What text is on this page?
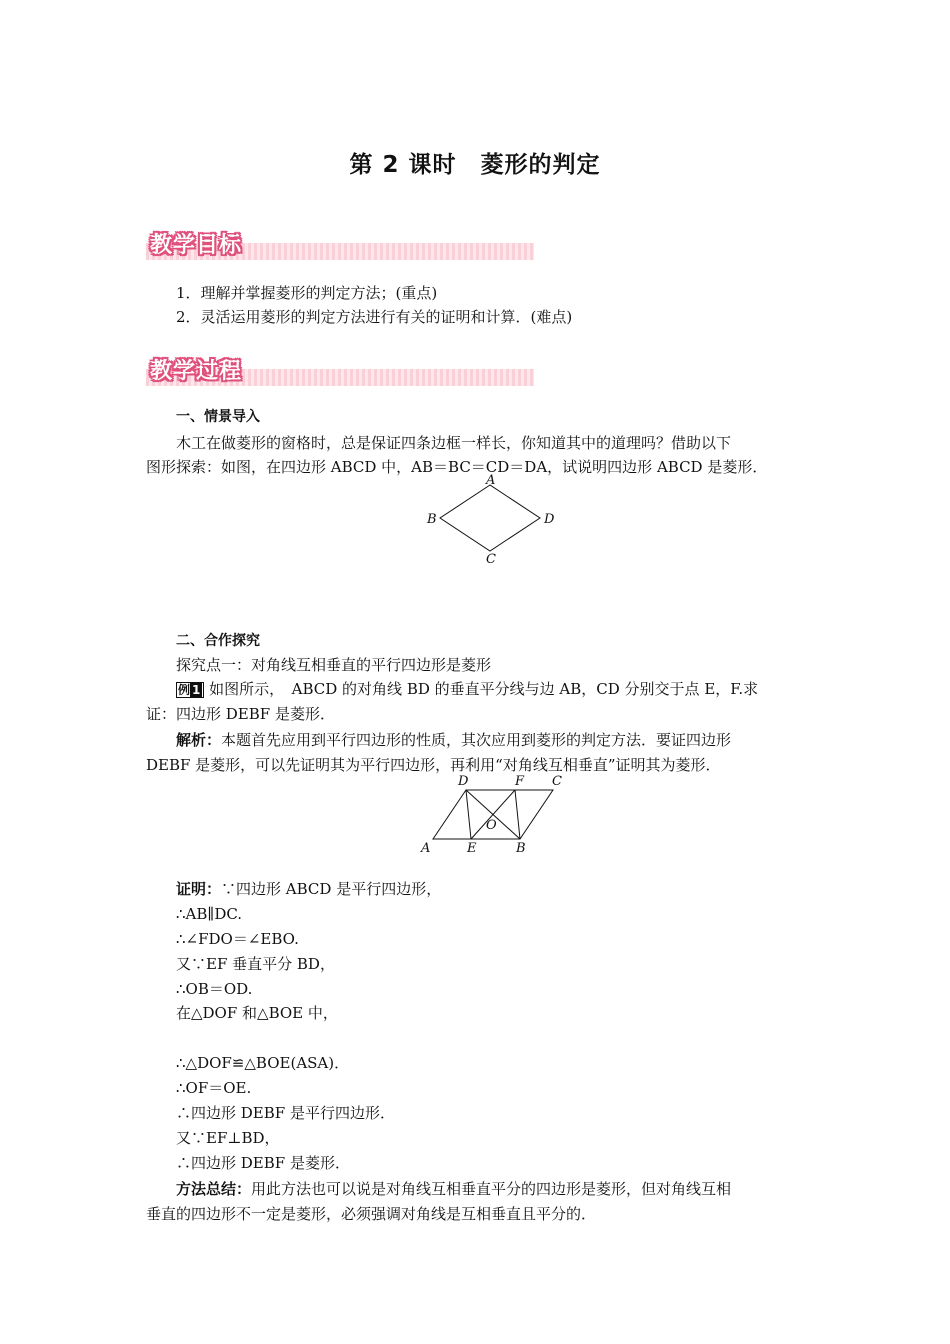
第 2 课时　菱形的判定
教学目标
1．理解并掌握菱形的判定方法；(重点)
2．灵活运用菱形的判定方法进行有关的证明和计算．(难点)
教学过程
一、情景导入
木工在做菱形的窗格时，总是保证四条边框一样长，你知道其中的道理吗？借助以下
图形探索：如图，在四边形 ABCD 中，AB＝BC＝CD＝DA，试说明四边形 ABCD 是菱形．
A
B
C
D
二、合作探究
探究点一：对角线互相垂直的平行四边形是菱形
例 1 如图所示，　ABCD 的对角线 BD 的垂直平分线与边 AB，CD 分别交于点 E，F.求
证：四边形 DEBF 是菱形．
解析：本题首先应用到平行四边形的性质，其次应用到菱形的判定方法．要证四边形
DEBF 是菱形，可以先证明其为平行四边形，再利用“对角线互相垂直”证明其为菱形．
D	F C
O
A	E	B
证明：∵四边形 ABCD 是平行四边形，
∴AB∥DC.
∴∠FDO＝∠EBO.
又∵EF 垂直平分 BD，
∴OB＝OD.
在△DOF 和△BOE 中，
∴△DOF≌△BOE(ASA)．
∴OF＝OE.
∴四边形 DEBF 是平行四边形．
又∵EF⊥BD，
∴四边形 DEBF 是菱形．
方法总结：用此方法也可以说是对角线互相垂直平分的四边形是菱形，但对角线互相
垂直的四边形不一定是菱形，必须强调对角线是互相垂直且平分的．
